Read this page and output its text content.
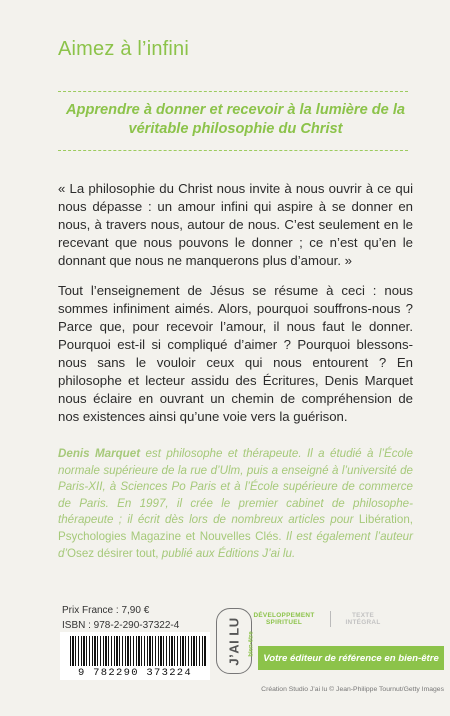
Aimez à l’infini
Apprendre à donner et recevoir à la lumière de la véritable philosophie du Christ

« La philosophie du Christ nous invite à nous ouvrir à ce qui nous dépasse : un amour infini qui aspire à se donner en nous, à travers nous, autour de nous. C’est seulement en le recevant que nous pouvons le donner ; ce n’est qu’en le donnant que nous ne manquerons plus d’amour. »

Tout l’enseignement de Jésus se résume à ceci : nous sommes infiniment aimés. Alors, pourquoi souffrons-nous ? Parce que, pour recevoir l’amour, il nous faut le donner. Pourquoi est-il si compliqué d’aimer ? Pourquoi blessons-nous sans le vouloir ceux qui nous entourent ? En philosophe et lecteur assidu des Écritures, Denis Marquet nous éclaire en ouvrant un chemin de compréhension de nos existences ainsi qu’une voie vers la guérison.

Denis Marquet est philosophe et thérapeute. Il a étudié à l’École normale supérieure de la rue d’Ulm, puis a enseigné à l’université de Paris-XII, à Sciences Po Paris et à l’École supérieure de commerce de Paris. En 1997, il crée le premier cabinet de philosophe-thérapeute ; il écrit dès lors de nombreux articles pour Libération, Psychologies Magazine et Nouvelles Clés. Il est également l’auteur d’Osez désirer tout, publié aux Éditions J’ai lu.

Prix France : 7,90 €
ISBN : 978-2-290-37322-4
9 782290 373224
J’AI LU bien-être
DÉVELOPPEMENT SPIRITUEL
TEXTE INTÉGRAL
Votre éditeur de référence en bien-être
Création Studio J’ai lu © Jean-Philippe Tournut/Getty Images
